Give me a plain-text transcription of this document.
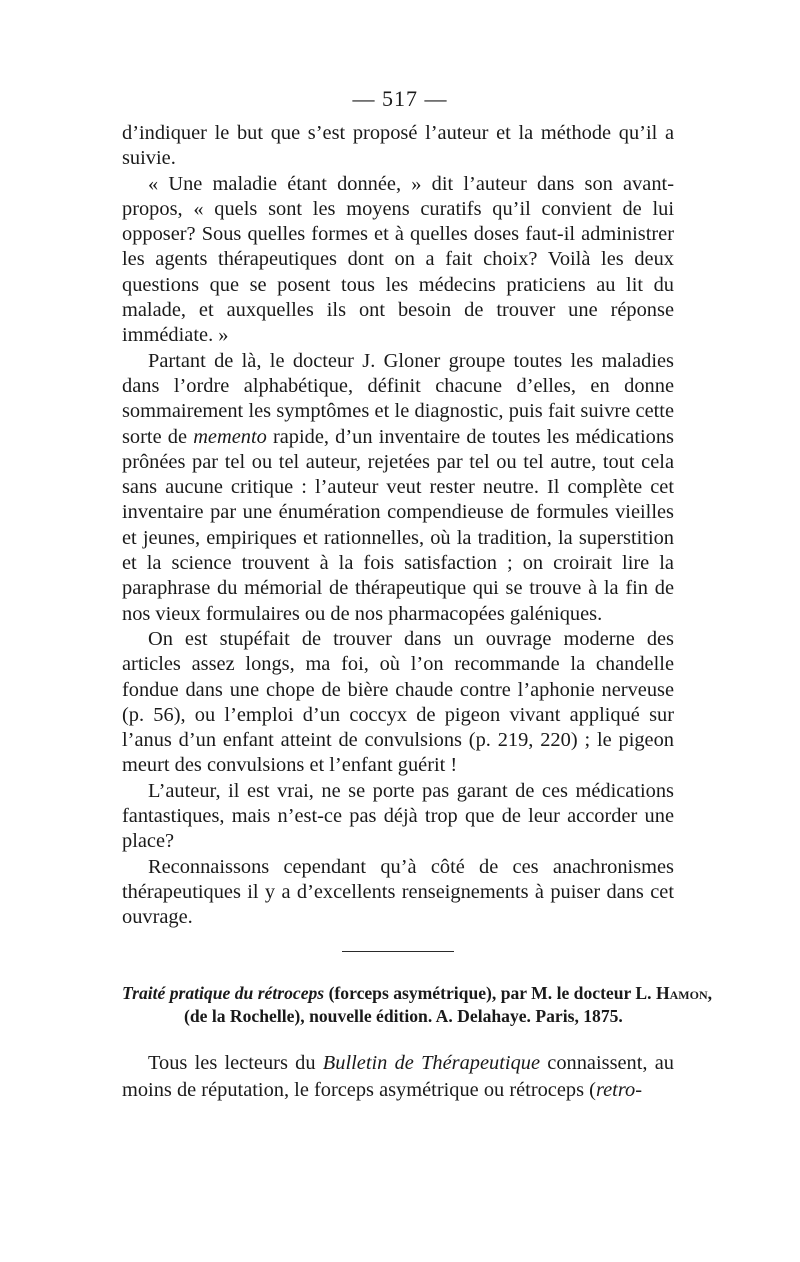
— 517 —

d’indiquer le but que s’est proposé l’auteur et la méthode qu’il a suivie.

« Une maladie étant donnée, » dit l’auteur dans son avant-propos, « quels sont les moyens curatifs qu’il convient de lui opposer? Sous quelles formes et à quelles doses faut-il administrer les agents thérapeutiques dont on a fait choix? Voilà les deux questions que se posent tous les médecins praticiens au lit du malade, et auxquelles ils ont besoin de trouver une réponse immédiate. »

Partant de là, le docteur J. Gloner groupe toutes les maladies dans l’ordre alphabétique, définit chacune d’elles, en donne sommairement les symptômes et le diagnostic, puis fait suivre cette sorte de memento rapide, d’un inventaire de toutes les médications prônées par tel ou tel auteur, rejetées par tel ou tel autre, tout cela sans aucune critique : l’auteur veut rester neutre. Il complète cet inventaire par une énumération compendieuse de formules vieilles et jeunes, empiriques et rationnelles, où la tradition, la superstition et la science trouvent à la fois satisfaction ; on croirait lire la paraphrase du mémorial de thérapeutique qui se trouve à la fin de nos vieux formulaires ou de nos pharmacopées galéniques.

On est stupéfait de trouver dans un ouvrage moderne des articles assez longs, ma foi, où l’on recommande la chandelle fondue dans une chope de bière chaude contre l’aphonie nerveuse (p. 56), ou l’emploi d’un coccyx de pigeon vivant appliqué sur l’anus d’un enfant atteint de convulsions (p. 219, 220) ; le pigeon meurt des convulsions et l’enfant guérit !

L’auteur, il est vrai, ne se porte pas garant de ces médications fantastiques, mais n’est-ce pas déjà trop que de leur accorder une place?

Reconnaissons cependant qu’à côté de ces anachronismes thérapeutiques il y a d’excellents renseignements à puiser dans cet ouvrage.

Traité pratique du rétroceps (forceps asymétrique), par M. le docteur L. Hamon,
(de la Rochelle), nouvelle édition. A. Delahaye. Paris, 1875.

Tous les lecteurs du Bulletin de Thérapeutique connaissent, au moins de réputation, le forceps asymétrique ou rétroceps (retro-
